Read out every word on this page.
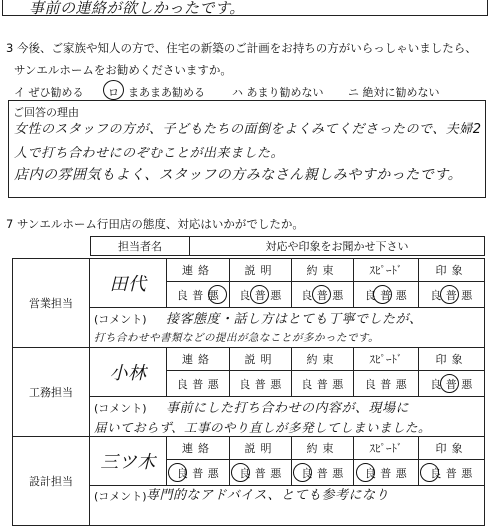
事前の連絡が欲しかったです。
3 今後、ご家族や知人の方で、住宅の新築のご計画をお持ちの方がいらっしゃいましたら、
サンエルホームをお勧めくださいますか。
イ ぜひ勧める ロ まあまあ勧める ハ あまり勧めない ニ 絶対に勧めない
ご回答の理由
女性のスタッフの方が、子どもたちの面倒をよくみてくださったので、夫婦2人で打ち合わせにのぞむことが出来ました。
店内の雰囲気もよく、スタッフの方みなさん親しみやすかったです。
7 サンエルホーム行田店の態度、対応はいかがでしたか。
担当者名	対応や印象をお聞かせ下さい
営業担当
田代
連絡	説明	約束	ｽﾋﾟｰﾄﾞ	印象
良 普 悪 良 普 悪 良 普 悪 良 普 悪 良 普 悪
(コメント) 接客態度・話し方はとても丁寧でしたが、
打ち合わせや書類などの提出が急なことが多かったです。
工務担当
小林
連絡	説明	約束	ｽﾋﾟｰﾄﾞ	印象
良 普 悪 良 普 悪 良 普 悪 良 普 悪 良 普 悪
(コメント) 事前にした打ち合わせの内容が、現場に
届いておらず、工事のやり直しが多発してしまいました。
設計担当
三ツ木
連絡	説明	約束	ｽﾋﾟｰﾄﾞ	印象
良 普 悪 良 普 悪 良 普 悪 良 普 悪 良 普 悪
(コメント) 専門的なアドバイス、とても参考になり
